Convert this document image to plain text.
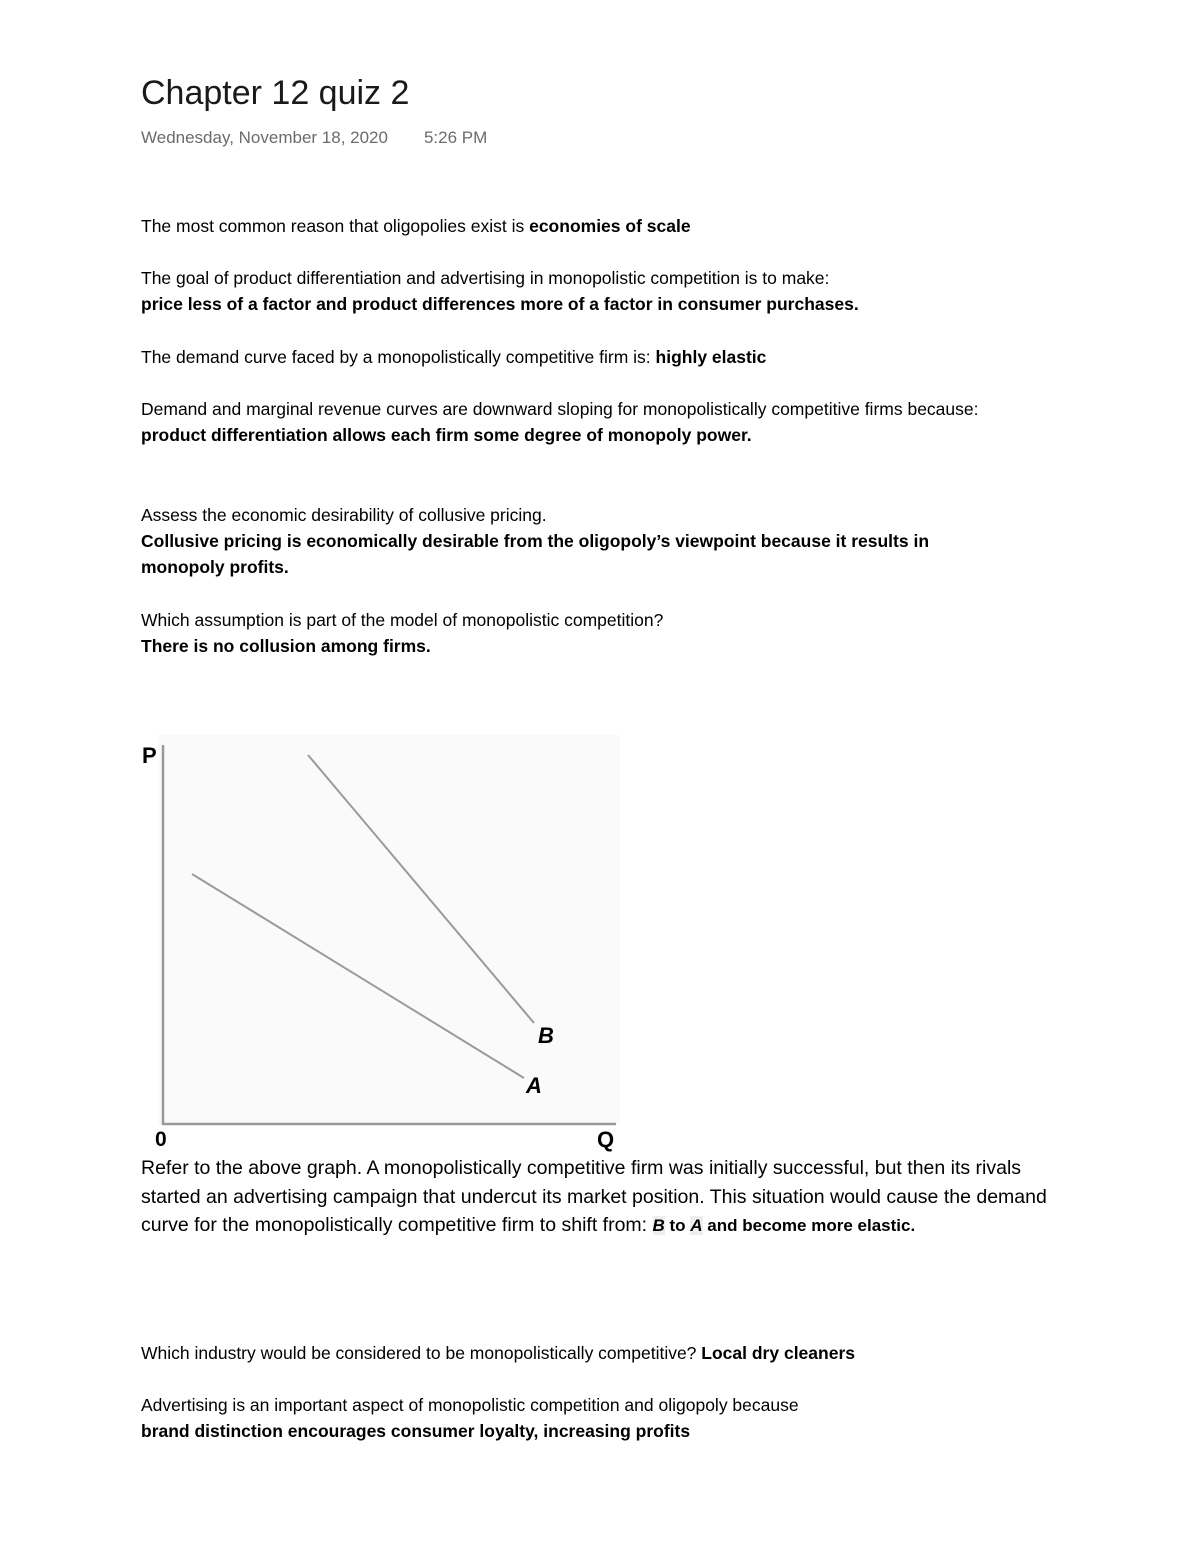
Chapter 12 quiz 2
Wednesday, November 18, 2020 5:26 PM

The most common reason that oligopolies exist is economies of scale

The goal of product differentiation and advertising in monopolistic competition is to make:
price less of a factor and product differences more of a factor in consumer purchases.

The demand curve faced by a monopolistically competitive firm is: highly elastic

Demand and marginal revenue curves are downward sloping for monopolistically competitive firms because:
product differentiation allows each firm some degree of monopoly power.

Assess the economic desirability of collusive pricing.
Collusive pricing is economically desirable from the oligopoly’s viewpoint because it results in monopoly profits.

Which assumption is part of the model of monopolistic competition?
There is no collusion among firms.

P
0	Q
B
A

Refer to the above graph. A monopolistically competitive firm was initially successful, but then its rivals started an advertising campaign that undercut its market position. This situation would cause the demand curve for the monopolistically competitive firm to shift from: B to A and become more elastic.

Which industry would be considered to be monopolistically competitive? Local dry cleaners

Advertising is an important aspect of monopolistic competition and oligopoly because
brand distinction encourages consumer loyalty, increasing profits
